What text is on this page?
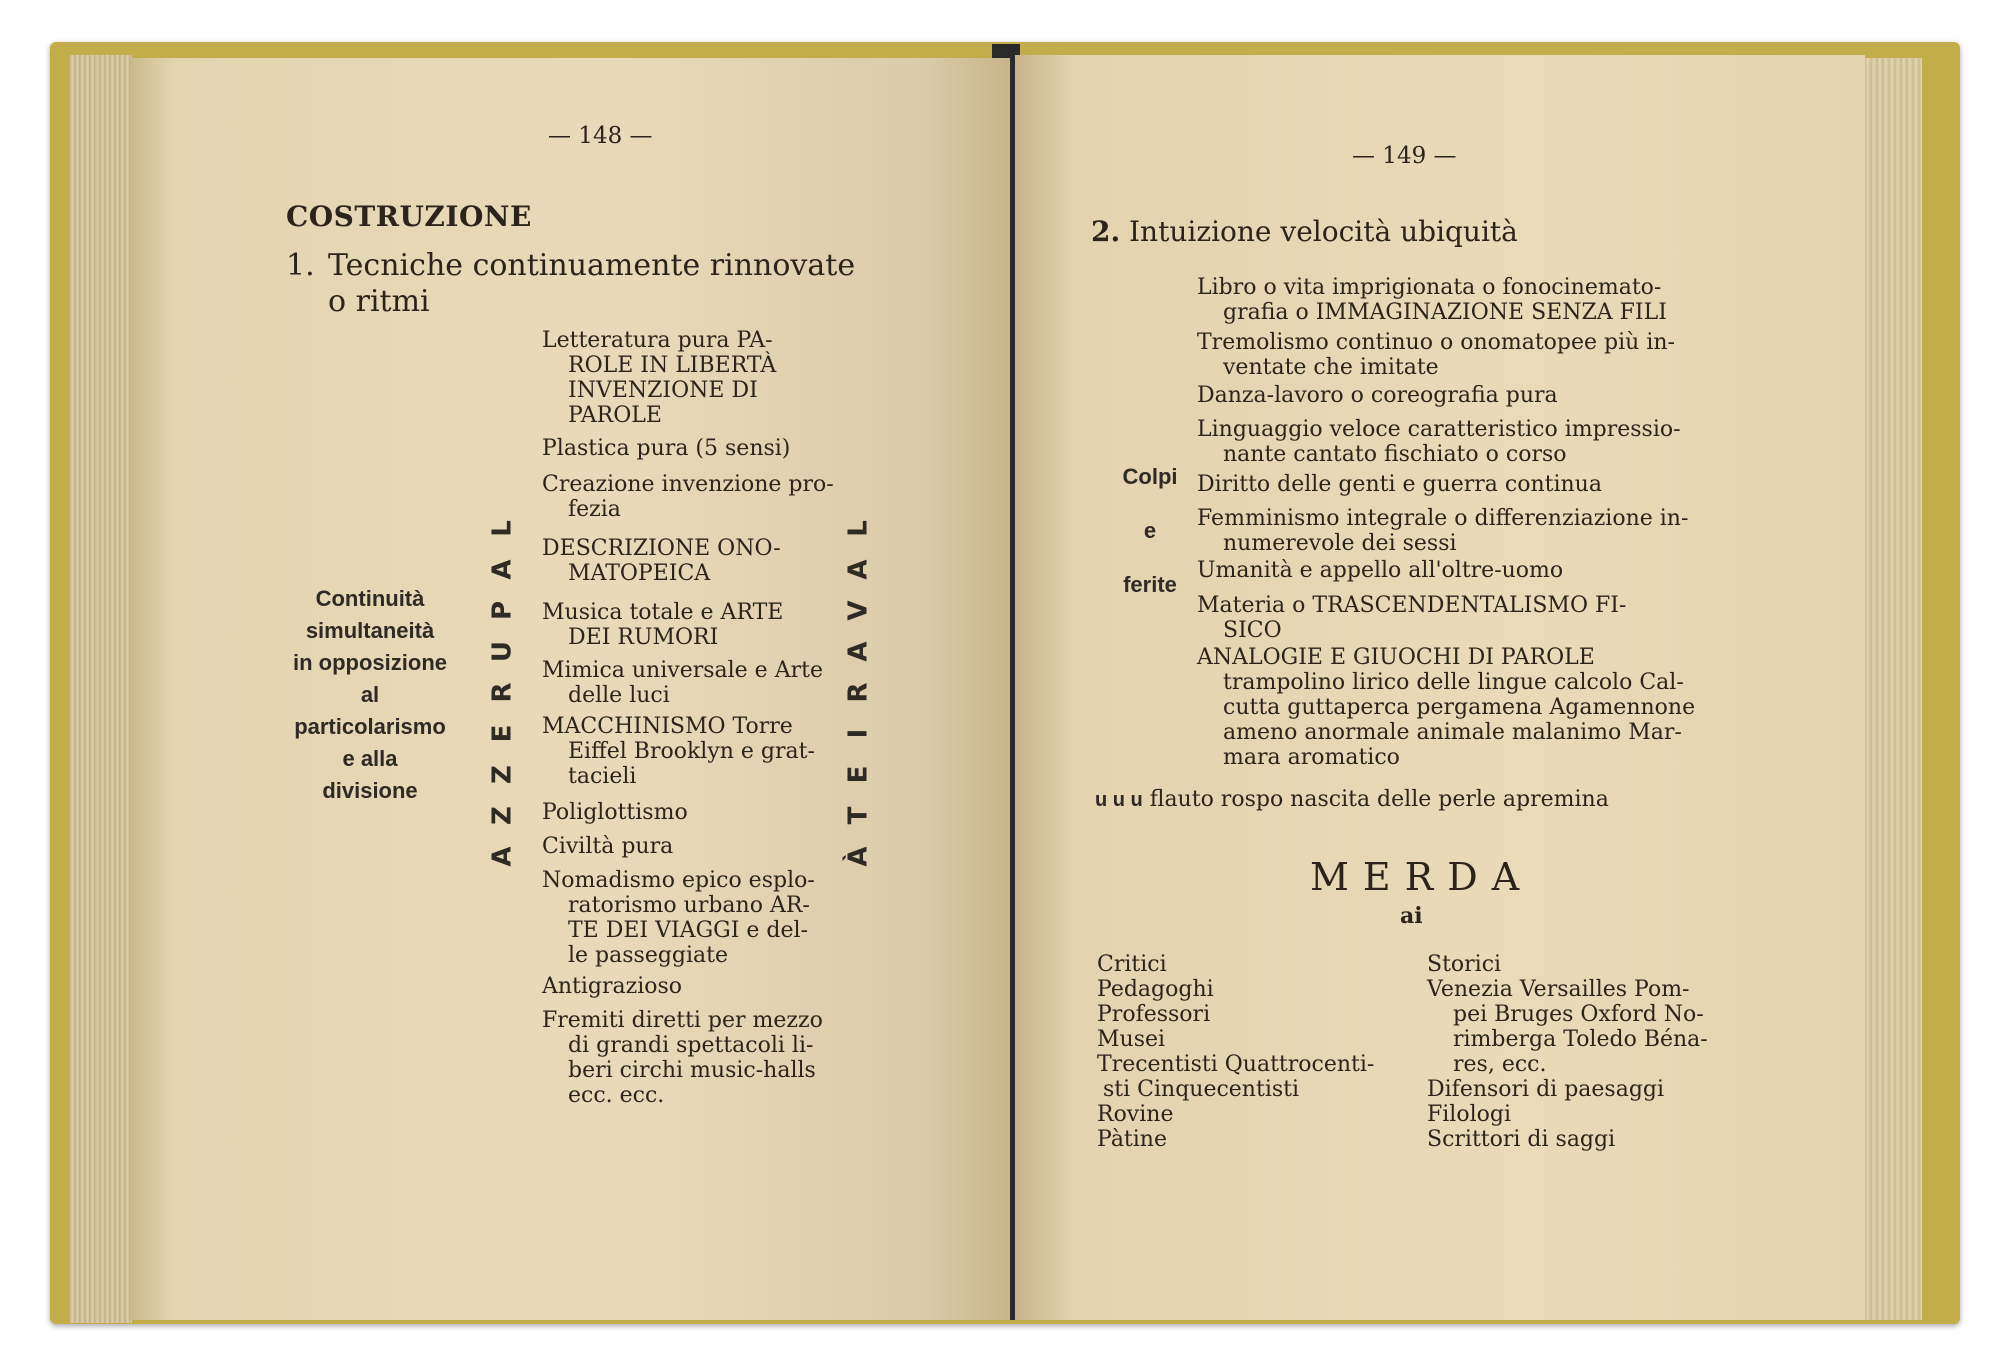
— 148 —
COSTRUZIONE
1. Tecniche continuamente rinnovate
o ritmi
Continuità
simultaneità
in opposizione
al
particolarismo
e alla
divisione
L
A
P
U
R
E
Z
Z
A
L
A
V
A
R
I
E
T
À
Letteratura pura PA-
ROLE IN LIBERTÀ
INVENZIONE DI
PAROLE
Plastica pura (5 sensi)
Creazione invenzione pro-
fezia
DESCRIZIONE ONO-
MATOPEICA
Musica totale e ARTE
DEI RUMORI
Mimica universale e Arte
delle luci
MACCHINISMO Torre
Eiffel Brooklyn e grat-
tacieli
Poliglottismo
Civiltà pura
Nomadismo epico esplo-
ratorismo urbano AR-
TE DEI VIAGGI e del-
le passeggiate
Antigrazioso
Fremiti diretti per mezzo
di grandi spettacoli li-
beri circhi music-halls
ecc. ecc.
— 149 —
2. Intuizione velocità ubiquità
Colpi
e
ferite
Libro o vita imprigionata o fonocinemato-
grafia o IMMAGINAZIONE SENZA FILI
Tremolismo continuo o onomatopee più in-
ventate che imitate
Danza-lavoro o coreografia pura
Linguaggio veloce caratteristico impressio-
nante cantato fischiato o corso
Diritto delle genti e guerra continua
Femminismo integrale o differenziazione in-
numerevole dei sessi
Umanità e appello all'oltre-uomo
Materia o TRASCENDENTALISMO FI-
SICO
ANALOGIE E GIUOCHI DI PAROLE
trampolino lirico delle lingue calcolo Cal-
cutta guttaperca pergamena Agamennone
ameno anormale animale malanimo Mar-
mara aromatico
u u u flauto rospo nascita delle perle apremina
MERDA
ai
Critici
Pedagoghi
Professori
Musei
Trecentisti Quattrocenti-
sti Cinquecentisti
Rovine
Pàtine
Storici
Venezia Versailles Pom-
pei Bruges Oxford No-
rimberga Toledo Béna-
res, ecc.
Difensori di paesaggi
Filologi
Scrittori di saggi
